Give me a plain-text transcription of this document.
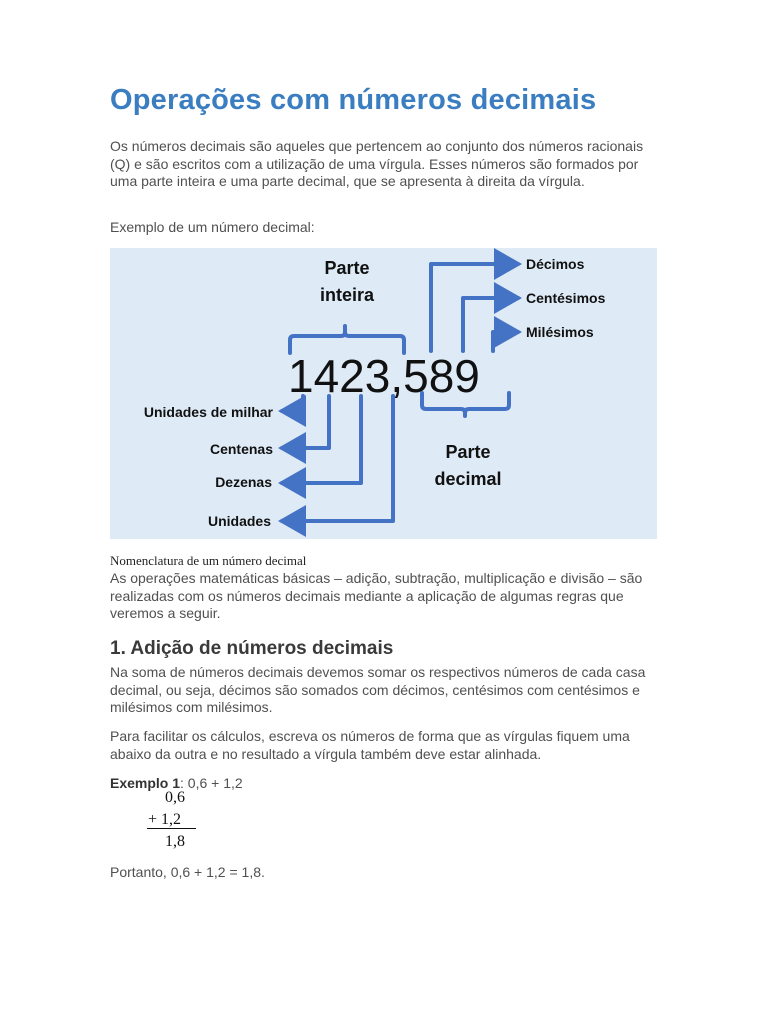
Operações com números decimais

Os números decimais são aqueles que pertencem ao conjunto dos números racionais (Q) e são escritos com a utilização de uma vírgula. Esses números são formados por uma parte inteira e uma parte decimal, que se apresenta à direita da vírgula.

Exemplo de um número decimal:

Parte
inteira
Parte
decimal
Décimos
Centésimos
Milésimos
Unidades de milhar
Centenas
Dezenas
Unidades
1423,589

Nomenclatura de um número decimal

As operações matemáticas básicas – adição, subtração, multiplicação e divisão – são realizadas com os números decimais mediante a aplicação de algumas regras que veremos a seguir.

1. Adição de números decimais

Na soma de números decimais devemos somar os respectivos números de cada casa decimal, ou seja, décimos são somados com décimos, centésimos com centésimos e milésimos com milésimos.

Para facilitar os cálculos, escreva os números de forma que as vírgulas fiquem uma abaixo da outra e no resultado a vírgula também deve estar alinhada.

Exemplo 1: 0,6 + 1,2
0,6
+ 1,2
1,8

Portanto, 0,6 + 1,2 = 1,8.
